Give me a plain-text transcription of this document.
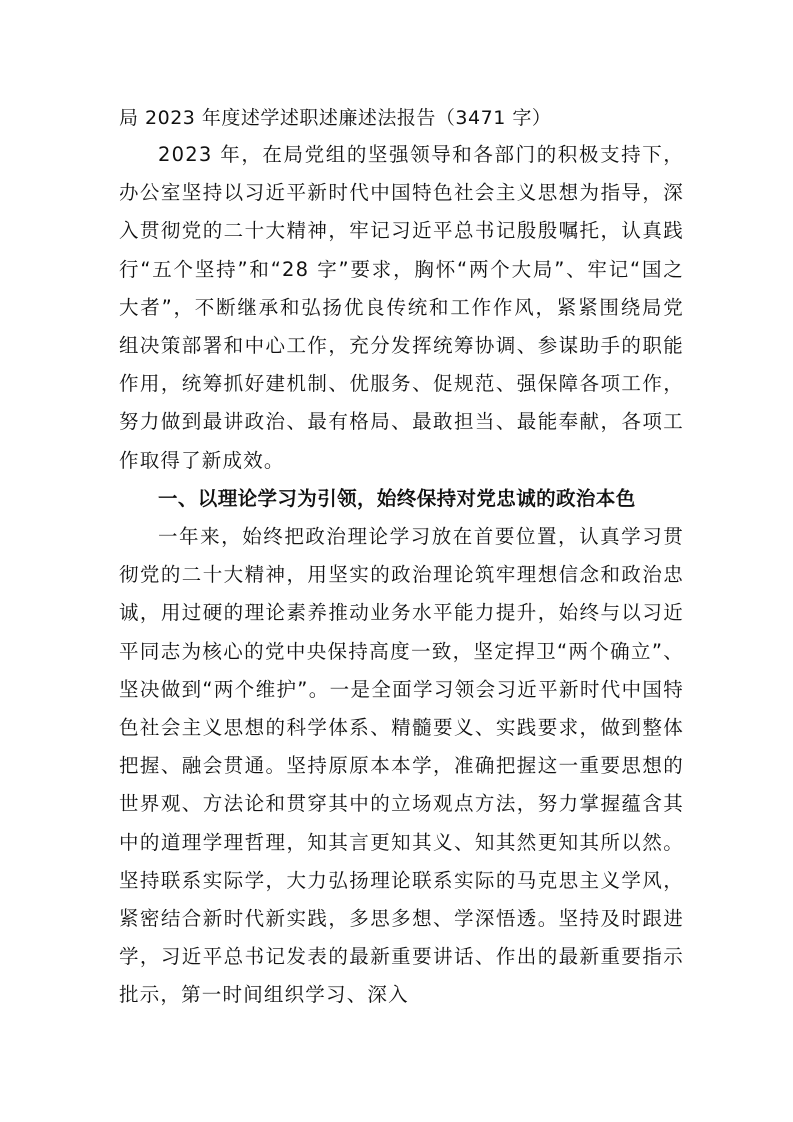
局 2023 年度述学述职述廉述法报告（3471 字）

2023 年，在局党组的坚强领导和各部门的积极支持下，办公室坚持以习近平新时代中国特色社会主义思想为指导，深入贯彻党的二十大精神，牢记习近平总书记殷殷嘱托，认真践行“五个坚持”和“28 字”要求，胸怀“两个大局”、牢记“国之大者”，不断继承和弘扬优良传统和工作作风，紧紧围绕局党组决策部署和中心工作，充分发挥统筹协调、参谋助手的职能作用，统筹抓好建机制、优服务、促规范、强保障各项工作，努力做到最讲政治、最有格局、最敢担当、最能奉献，各项工作取得了新成效。

一、以理论学习为引领，始终保持对党忠诚的政治本色

一年来，始终把政治理论学习放在首要位置，认真学习贯彻党的二十大精神，用坚实的政治理论筑牢理想信念和政治忠诚，用过硬的理论素养推动业务水平能力提升，始终与以习近平同志为核心的党中央保持高度一致，坚定捍卫“两个确立”、坚决做到“两个维护”。一是全面学习领会习近平新时代中国特色社会主义思想的科学体系、精髓要义、实践要求，做到整体把握、融会贯通。坚持原原本本学，准确把握这一重要思想的世界观、方法论和贯穿其中的立场观点方法，努力掌握蕴含其中的道理学理哲理，知其言更知其义、知其然更知其所以然。坚持联系实际学，大力弘扬理论联系实际的马克思主义学风，紧密结合新时代新实践，多思多想、学深悟透。坚持及时跟进学，习近平总书记发表的最新重要讲话、作出的最新重要指示批示，第一时间组织学习、深入
